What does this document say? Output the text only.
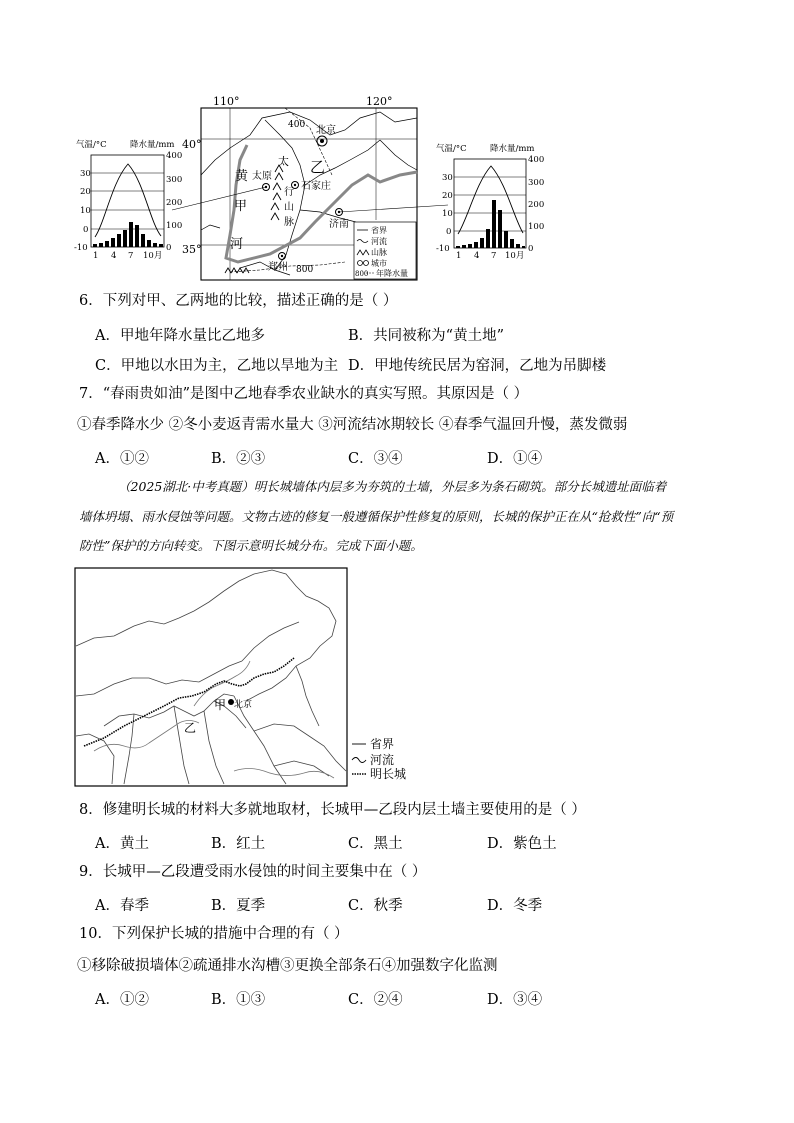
气温/°C	降水量/mm
30
20
10
0
-10
400
300
200
100
0
1 4 7 10月
110°	120°
40°
35°
400
800
北京
太原
石家庄
济南
郑州
黄
甲
河
乙
太
行
山
脉
省界
河流
山脉
城市
800 年降水量
气温/°C	降水量/mm
30
20
10
0
-10
400
300
200
100
0
1 4 7 10月
6．下列对甲、乙两地的比较，描述正确的是（ ）
A．甲地年降水量比乙地多	B．共同被称为“黄土地”
C．甲地以水田为主，乙地以旱地为主 D．甲地传统民居为窑洞，乙地为吊脚楼
7．“春雨贵如油”是图中乙地春季农业缺水的真实写照。其原因是（ ）
①春季降水少 ②冬小麦返青需水量大 ③河流结冰期较长 ④春季气温回升慢，蒸发微弱
A．①②	B．②③	C．③④	D．①④
（2025湖北·中考真题）明长城墙体内层多为夯筑的土墙，外层多为条石砌筑。部分长城遗址面临着
墙体坍塌、雨水侵蚀等问题。文物古迹的修复一般遵循保护性修复的原则，长城的保护正在从“抢救性”向“预
防性”保护的方向转变。下图示意明长城分布。完成下面小题。
甲 北京
乙
省界
河流
明长城
8．修建明长城的材料大多就地取材，长城甲—乙段内层土墙主要使用的是（ ）
A．黄土	B．红土	C．黑土	D．紫色土
9．长城甲—乙段遭受雨水侵蚀的时间主要集中在（ ）
A．春季	B．夏季	C．秋季	D．冬季
10．下列保护长城的措施中合理的有（ ）
①移除破损墙体②疏通排水沟槽③更换全部条石④加强数字化监测
A．①②	B．①③	C．②④	D．③④
